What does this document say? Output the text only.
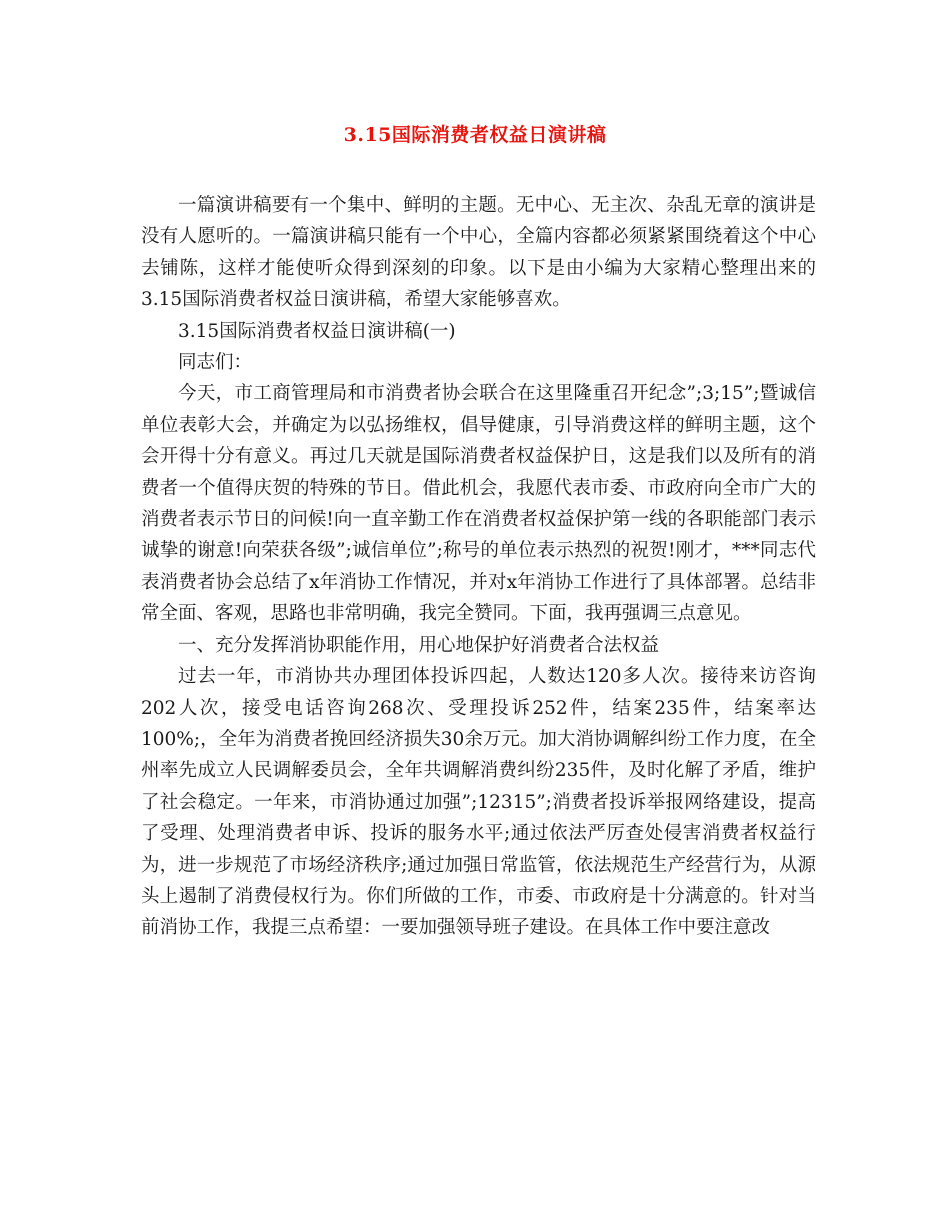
3.15国际消费者权益日演讲稿

一篇演讲稿要有一个集中、鲜明的主题。无中心、无主次、杂乱无章的演讲是没有人愿听的。一篇演讲稿只能有一个中心，全篇内容都必须紧紧围绕着这个中心去铺陈，这样才能使听众得到深刻的印象。以下是由小编为大家精心整理出来的3.15国际消费者权益日演讲稿，希望大家能够喜欢。

3.15国际消费者权益日演讲稿(一)

同志们：

今天，市工商管理局和市消费者协会联合在这里隆重召开纪念”;3;15”;暨诚信单位表彰大会，并确定为以弘扬维权，倡导健康，引导消费这样的鲜明主题，这个会开得十分有意义。再过几天就是国际消费者权益保护日，这是我们以及所有的消费者一个值得庆贺的特殊的节日。借此机会，我愿代表市委、市政府向全市广大的消费者表示节日的问候!向一直辛勤工作在消费者权益保护第一线的各职能部门表示诚挚的谢意!向荣获各级”;诚信单位”;称号的单位表示热烈的祝贺!刚才，***同志代表消费者协会总结了x年消协工作情况，并对x年消协工作进行了具体部署。总结非常全面、客观，思路也非常明确，我完全赞同。下面，我再强调三点意见。

一、充分发挥消协职能作用，用心地保护好消费者合法权益

过去一年，市消协共办理团体投诉四起，人数达120多人次。接待来访咨询202人次，接受电话咨询268次、受理投诉252件，结案235件，结案率达100%;，全年为消费者挽回经济损失30余万元。加大消协调解纠纷工作力度，在全州率先成立人民调解委员会，全年共调解消费纠纷235件，及时化解了矛盾，维护了社会稳定。一年来，市消协通过加强”;12315”;消费者投诉举报网络建设，提高了受理、处理消费者申诉、投诉的服务水平;通过依法严厉查处侵害消费者权益行为，进一步规范了市场经济秩序;通过加强日常监管，依法规范生产经营行为，从源头上遏制了消费侵权行为。你们所做的工作，市委、市政府是十分满意的。针对当前消协工作，我提三点希望：一要加强领导班子建设。在具体工作中要注意改
